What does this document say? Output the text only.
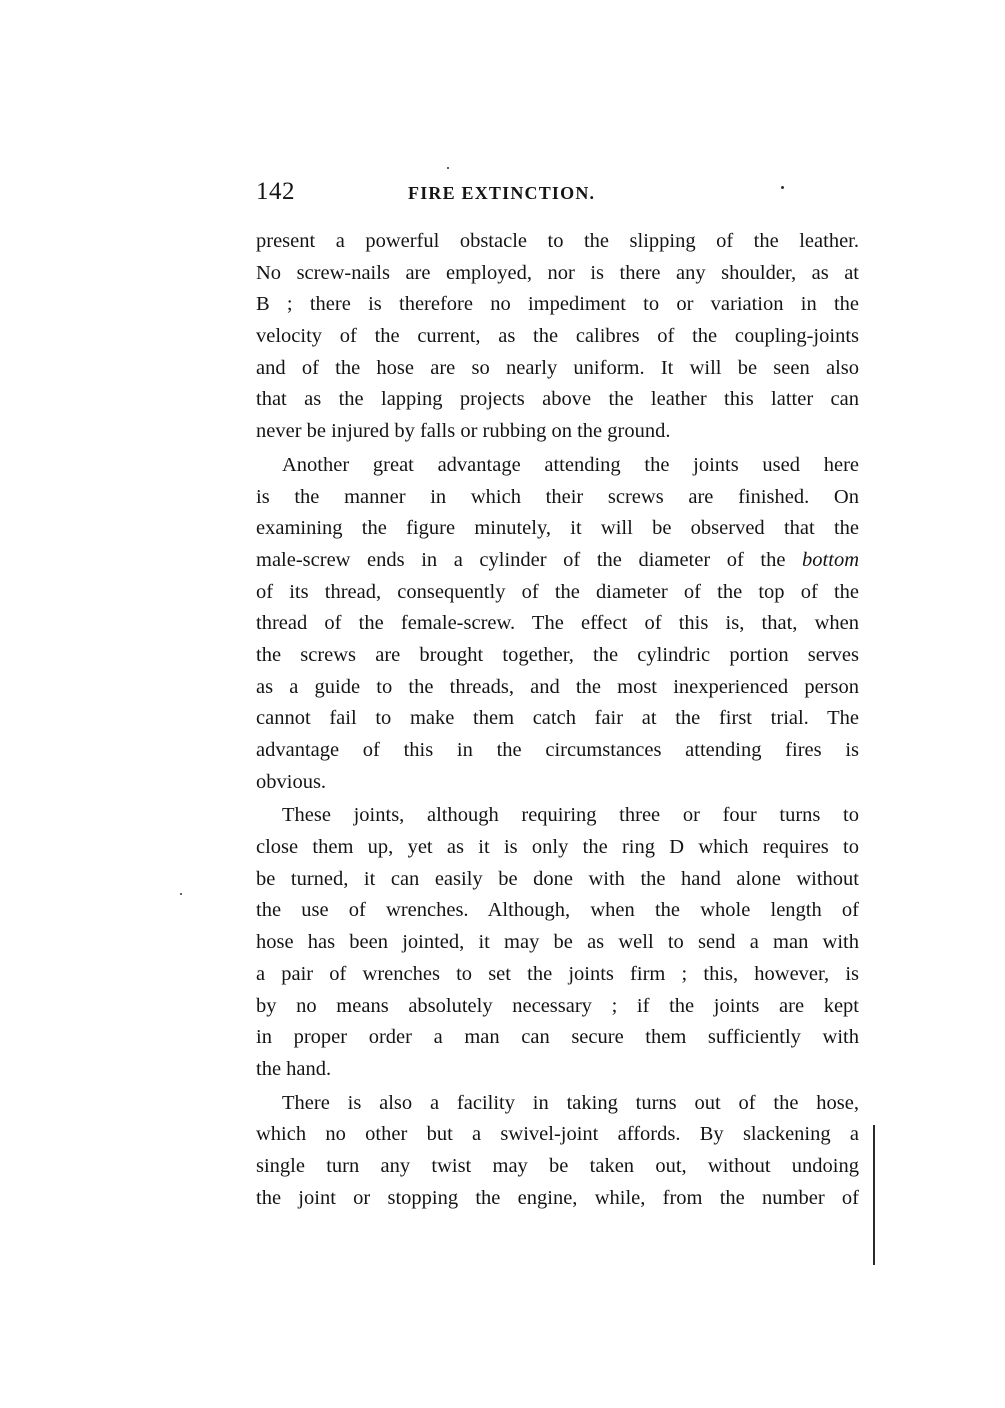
142	FIRE EXTINCTION.
present a powerful obstacle to the slipping of the leather.
No screw-nails are employed, nor is there any shoulder, as at
B ; there is therefore no impediment to or variation in the
velocity of the current, as the calibres of the coupling-joints
and of the hose are so nearly uniform. It will be seen also
that as the lapping projects above the leather this latter can
never be injured by falls or rubbing on the ground.
Another great advantage attending the joints used here
is the manner in which their screws are finished. On
examining the figure minutely, it will be observed that the
male-screw ends in a cylinder of the diameter of the bottom
of its thread, consequently of the diameter of the top of the
thread of the female-screw. The effect of this is, that, when
the screws are brought together, the cylindric portion serves
as a guide to the threads, and the most inexperienced person
cannot fail to make them catch fair at the first trial. The
advantage of this in the circumstances attending fires is
obvious.
These joints, although requiring three or four turns to
close them up, yet as it is only the ring D which requires to
be turned, it can easily be done with the hand alone without
the use of wrenches. Although, when the whole length of
hose has been jointed, it may be as well to send a man with
a pair of wrenches to set the joints firm ; this, however, is
by no means absolutely necessary ; if the joints are kept
in proper order a man can secure them sufficiently with
the hand.
There is also a facility in taking turns out of the hose,
which no other but a swivel-joint affords. By slackening a
single turn any twist may be taken out, without undoing
the joint or stopping the engine, while, from the number of
